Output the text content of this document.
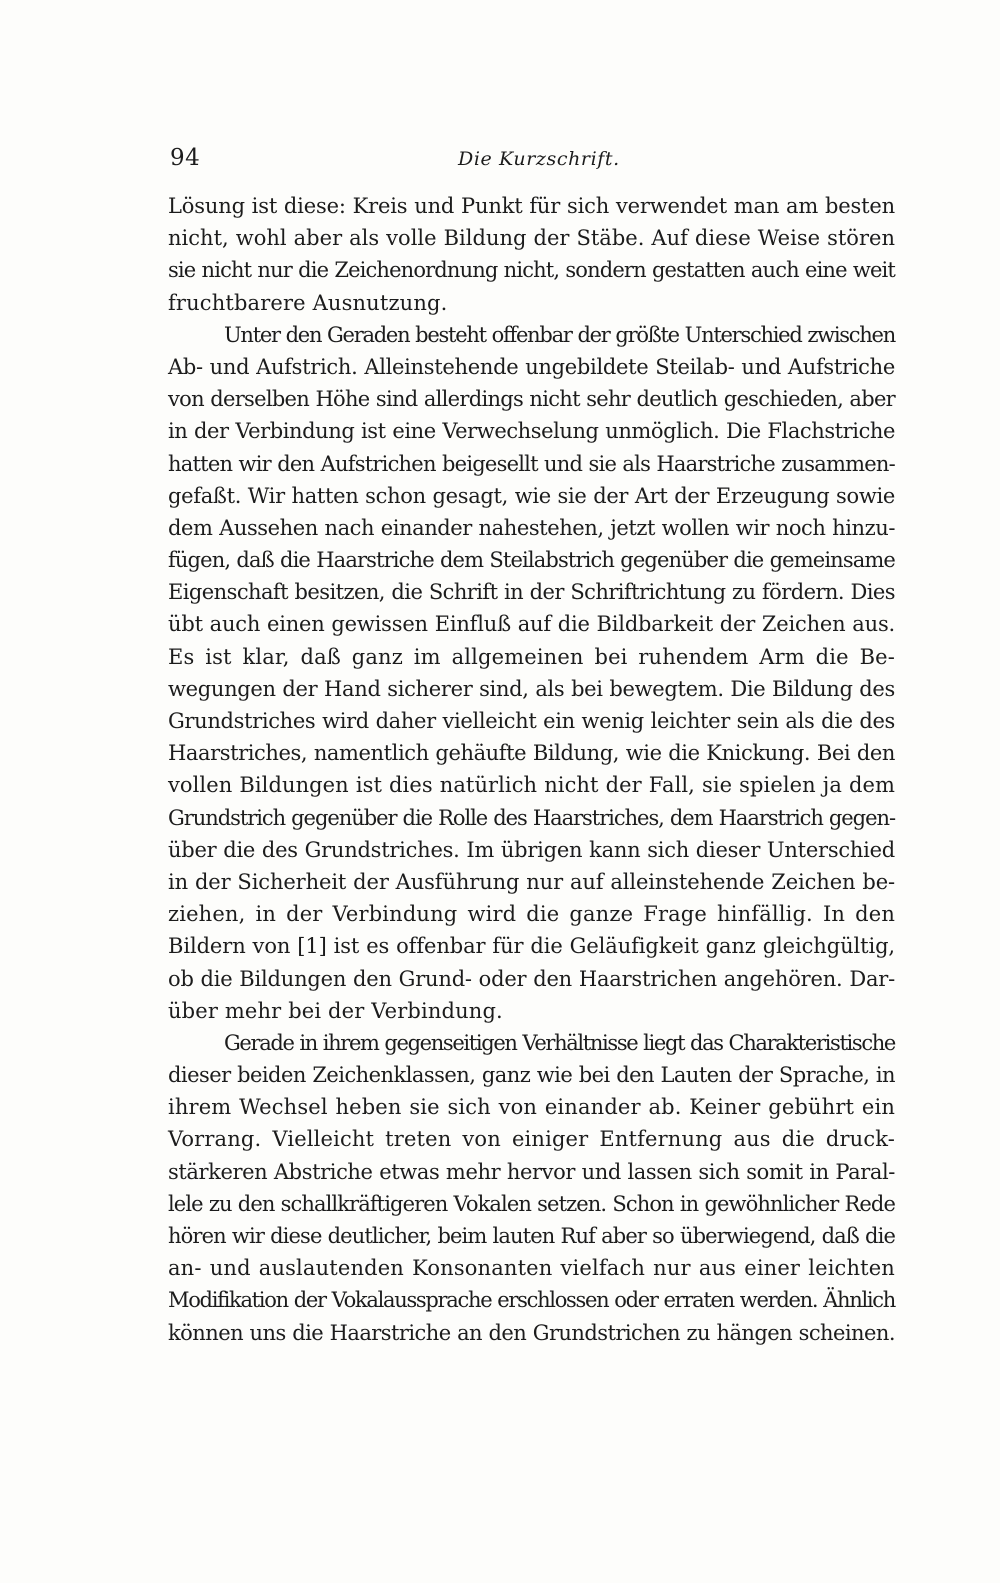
94	Die Kurzschrift.
Lösung ist diese: Kreis und Punkt für sich verwendet man am besten
nicht, wohl aber als volle Bildung der Stäbe. Auf diese Weise stören
sie nicht nur die Zeichenordnung nicht, sondern gestatten auch eine weit
fruchtbarere Ausnutzung.
Unter den Geraden besteht offenbar der größte Unterschied zwischen
Ab- und Aufstrich. Alleinstehende ungebildete Steilab- und Aufstriche
von derselben Höhe sind allerdings nicht sehr deutlich geschieden, aber
in der Verbindung ist eine Verwechselung unmöglich. Die Flachstriche
hatten wir den Aufstrichen beigesellt und sie als Haarstriche zusammen-
gefaßt. Wir hatten schon gesagt, wie sie der Art der Erzeugung sowie
dem Aussehen nach einander nahestehen, jetzt wollen wir noch hinzu-
fügen, daß die Haarstriche dem Steilabstrich gegenüber die gemeinsame
Eigenschaft besitzen, die Schrift in der Schriftrichtung zu fördern. Dies
übt auch einen gewissen Einfluß auf die Bildbarkeit der Zeichen aus.
Es ist klar, daß ganz im allgemeinen bei ruhendem Arm die Be-
wegungen der Hand sicherer sind, als bei bewegtem. Die Bildung des
Grundstriches wird daher vielleicht ein wenig leichter sein als die des
Haarstriches, namentlich gehäufte Bildung, wie die Knickung. Bei den
vollen Bildungen ist dies natürlich nicht der Fall, sie spielen ja dem
Grundstrich gegenüber die Rolle des Haarstriches, dem Haarstrich gegen-
über die des Grundstriches. Im übrigen kann sich dieser Unterschied
in der Sicherheit der Ausführung nur auf alleinstehende Zeichen be-
ziehen, in der Verbindung wird die ganze Frage hinfällig. In den
Bildern von [1] ist es offenbar für die Geläufigkeit ganz gleichgültig,
ob die Bildungen den Grund- oder den Haarstrichen angehören. Dar-
über mehr bei der Verbindung.
Gerade in ihrem gegenseitigen Verhältnisse liegt das Charakteristische
dieser beiden Zeichenklassen, ganz wie bei den Lauten der Sprache, in
ihrem Wechsel heben sie sich von einander ab. Keiner gebührt ein
Vorrang. Vielleicht treten von einiger Entfernung aus die druck-
stärkeren Abstriche etwas mehr hervor und lassen sich somit in Paral-
lele zu den schallkräftigeren Vokalen setzen. Schon in gewöhnlicher Rede
hören wir diese deutlicher, beim lauten Ruf aber so überwiegend, daß die
an- und auslautenden Konsonanten vielfach nur aus einer leichten
Modifikation der Vokalaussprache erschlossen oder erraten werden. Ähnlich
können uns die Haarstriche an den Grundstrichen zu hängen scheinen.
